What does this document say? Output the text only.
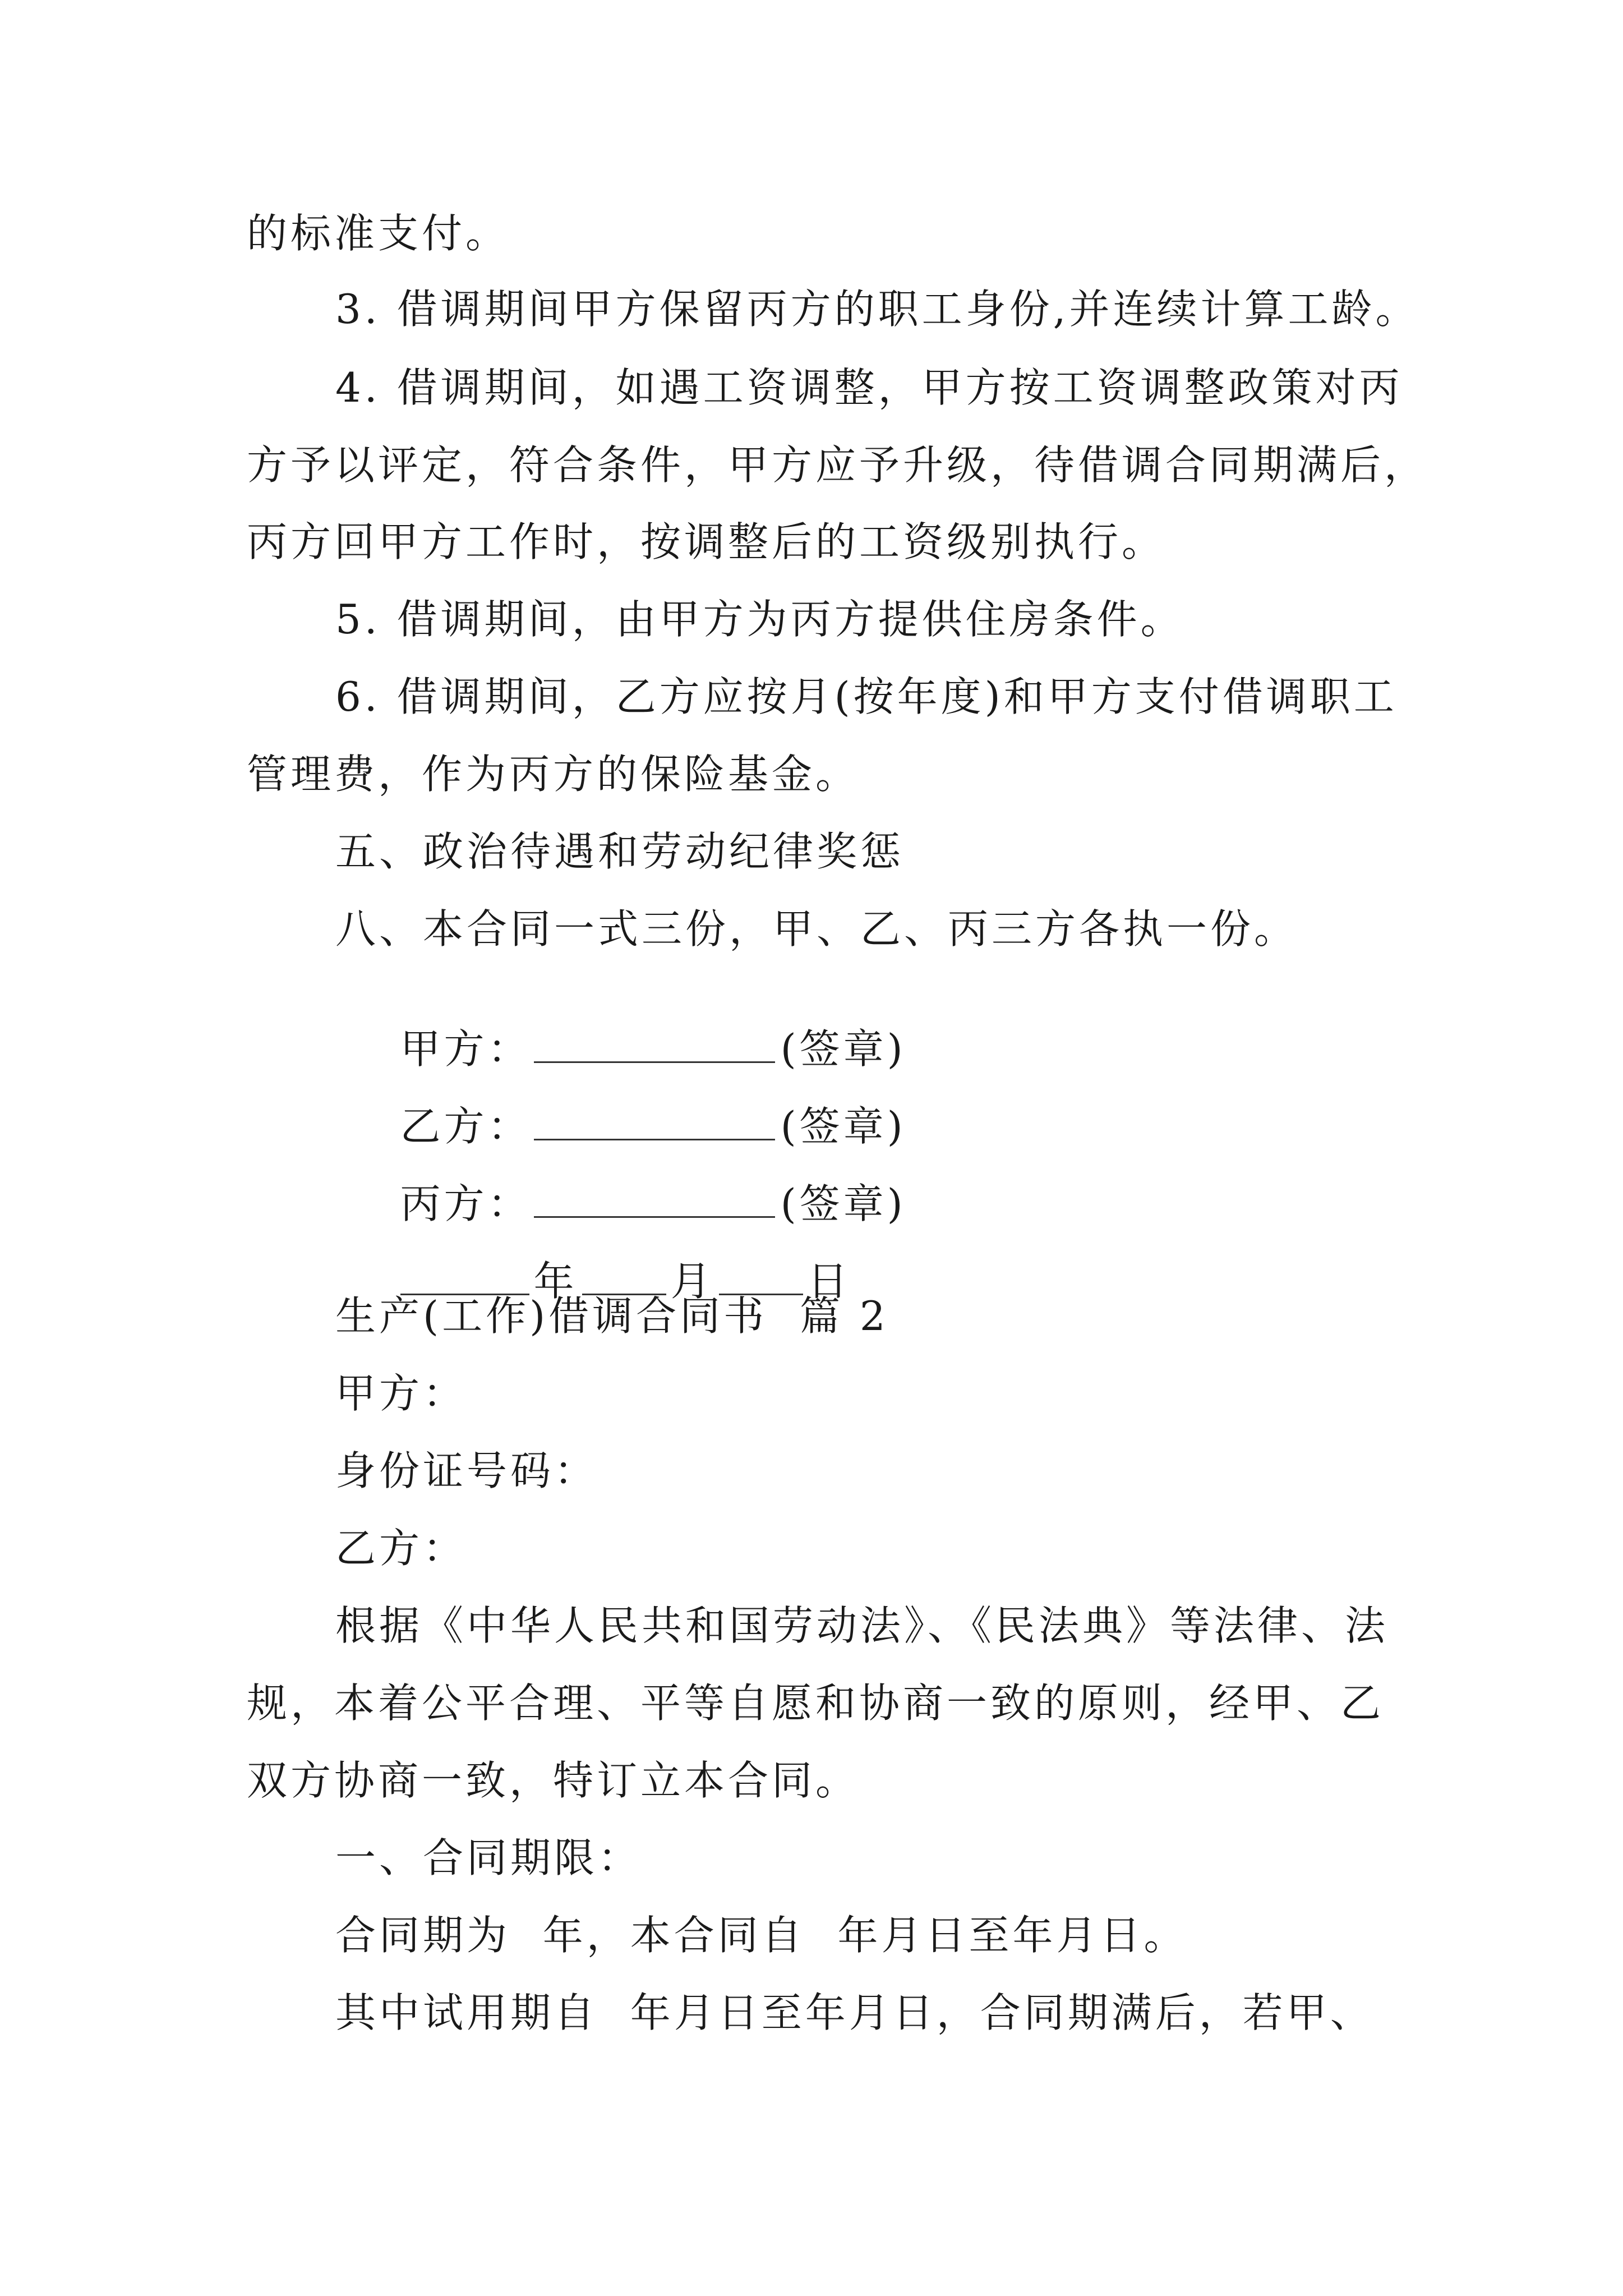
的标准支付。
3. 借调期间甲方保留丙方的职工身份,并连续计算工龄。
4. 借调期间，如遇工资调整，甲方按工资调整政策对丙
方予以评定，符合条件，甲方应予升级，待借调合同期满后，
丙方回甲方工作时，按调整后的工资级别执行。
5. 借调期间，由甲方为丙方提供住房条件。
6. 借调期间，乙方应按月(按年度)和甲方支付借调职工
管理费，作为丙方的保险基金。
五、政治待遇和劳动纪律奖惩
八、本合同一式三份，甲、乙、丙三方各执一份。

甲方：	(签章)

乙方：	(签章)

丙方：	(签章)

年 月 日

生产(工作)借调合同书  篇 2
甲方：
身份证号码：
乙方：
根据《中华人民共和国劳动法》、《民法典》等法律、法
规，本着公平合理、平等自愿和协商一致的原则，经甲、乙
双方协商一致，特订立本合同。
一、合同期限：
合同期为  年，本合同自  年月日至年月日。
其中试用期自  年月日至年月日，合同期满后，若甲、
